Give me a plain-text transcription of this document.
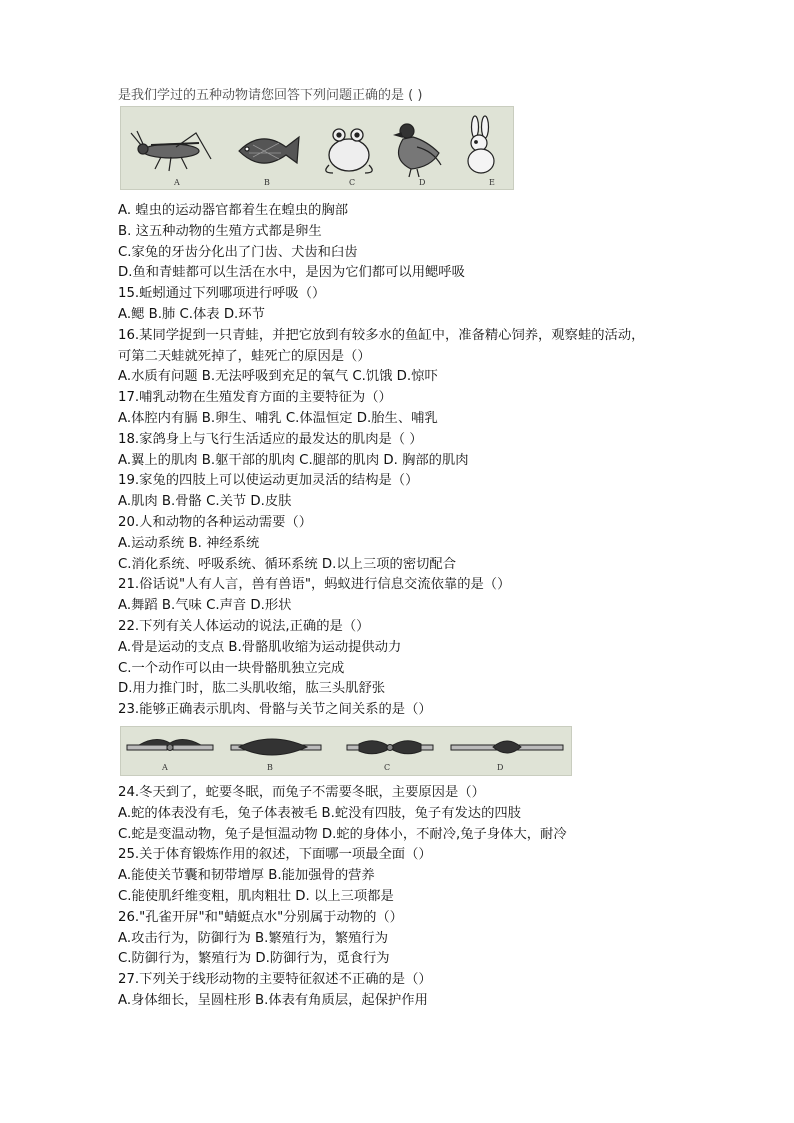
是我们学过的五种动物请您回答下列问题正确的是 ( )
A	B	C	D	E
A. 蝗虫的运动器官都着生在蝗虫的胸部
B. 这五种动物的生殖方式都是卵生
C.家兔的牙齿分化出了门齿、犬齿和臼齿
D.鱼和青蛙都可以生活在水中，是因为它们都可以用鳃呼吸
15.蚯蚓通过下列哪项进行呼吸（）
A.鳃 B.肺 C.体表 D.环节
16.某同学捉到一只青蛙，并把它放到有较多水的鱼缸中，准备精心饲养，观察蛙的活动，
可第二天蛙就死掉了，蛙死亡的原因是（）
A.水质有问题 B.无法呼吸到充足的氧气 C.饥饿 D.惊吓
17.哺乳动物在生殖发育方面的主要特征为（）
A.体腔内有膈 B.卵生、哺乳 C.体温恒定 D.胎生、哺乳
18.家鸽身上与飞行生活适应的最发达的肌肉是（ ）
A.翼上的肌肉 B.躯干部的肌肉 C.腿部的肌肉 D. 胸部的肌肉
19.家兔的四肢上可以使运动更加灵活的结构是（）
A.肌肉 B.骨骼 C.关节 D.皮肤
20.人和动物的各种运动需要（）
A.运动系统 B. 神经系统
C.消化系统、呼吸系统、循环系统 D.以上三项的密切配合
21.俗话说"人有人言，兽有兽语"，蚂蚁进行信息交流依靠的是（）
A.舞蹈 B.气味 C.声音 D.形状
22.下列有关人体运动的说法,正确的是（）
A.骨是运动的支点 B.骨骼肌收缩为运动提供动力
C.一个动作可以由一块骨骼肌独立完成
D.用力推门时，肱二头肌收缩，肱三头肌舒张
23.能够正确表示肌肉、骨骼与关节之间关系的是（）
A	B	C	D
24.冬天到了，蛇要冬眠，而兔子不需要冬眠，主要原因是（）
A.蛇的体表没有毛，兔子体表被毛 B.蛇没有四肢，兔子有发达的四肢
C.蛇是变温动物，兔子是恒温动物 D.蛇的身体小，不耐冷,兔子身体大，耐冷
25.关于体育锻炼作用的叙述，下面哪一项最全面（）
A.能使关节囊和韧带增厚 B.能加强骨的营养
C.能使肌纤维变粗，肌肉粗壮 D. 以上三项都是
26."孔雀开屏"和"蜻蜓点水"分别属于动物的（）
A.攻击行为，防御行为 B.繁殖行为，繁殖行为
C.防御行为，繁殖行为 D.防御行为，觅食行为
27.下列关于线形动物的主要特征叙述不正确的是（）
A.身体细长，呈圆柱形 B.体表有角质层，起保护作用
